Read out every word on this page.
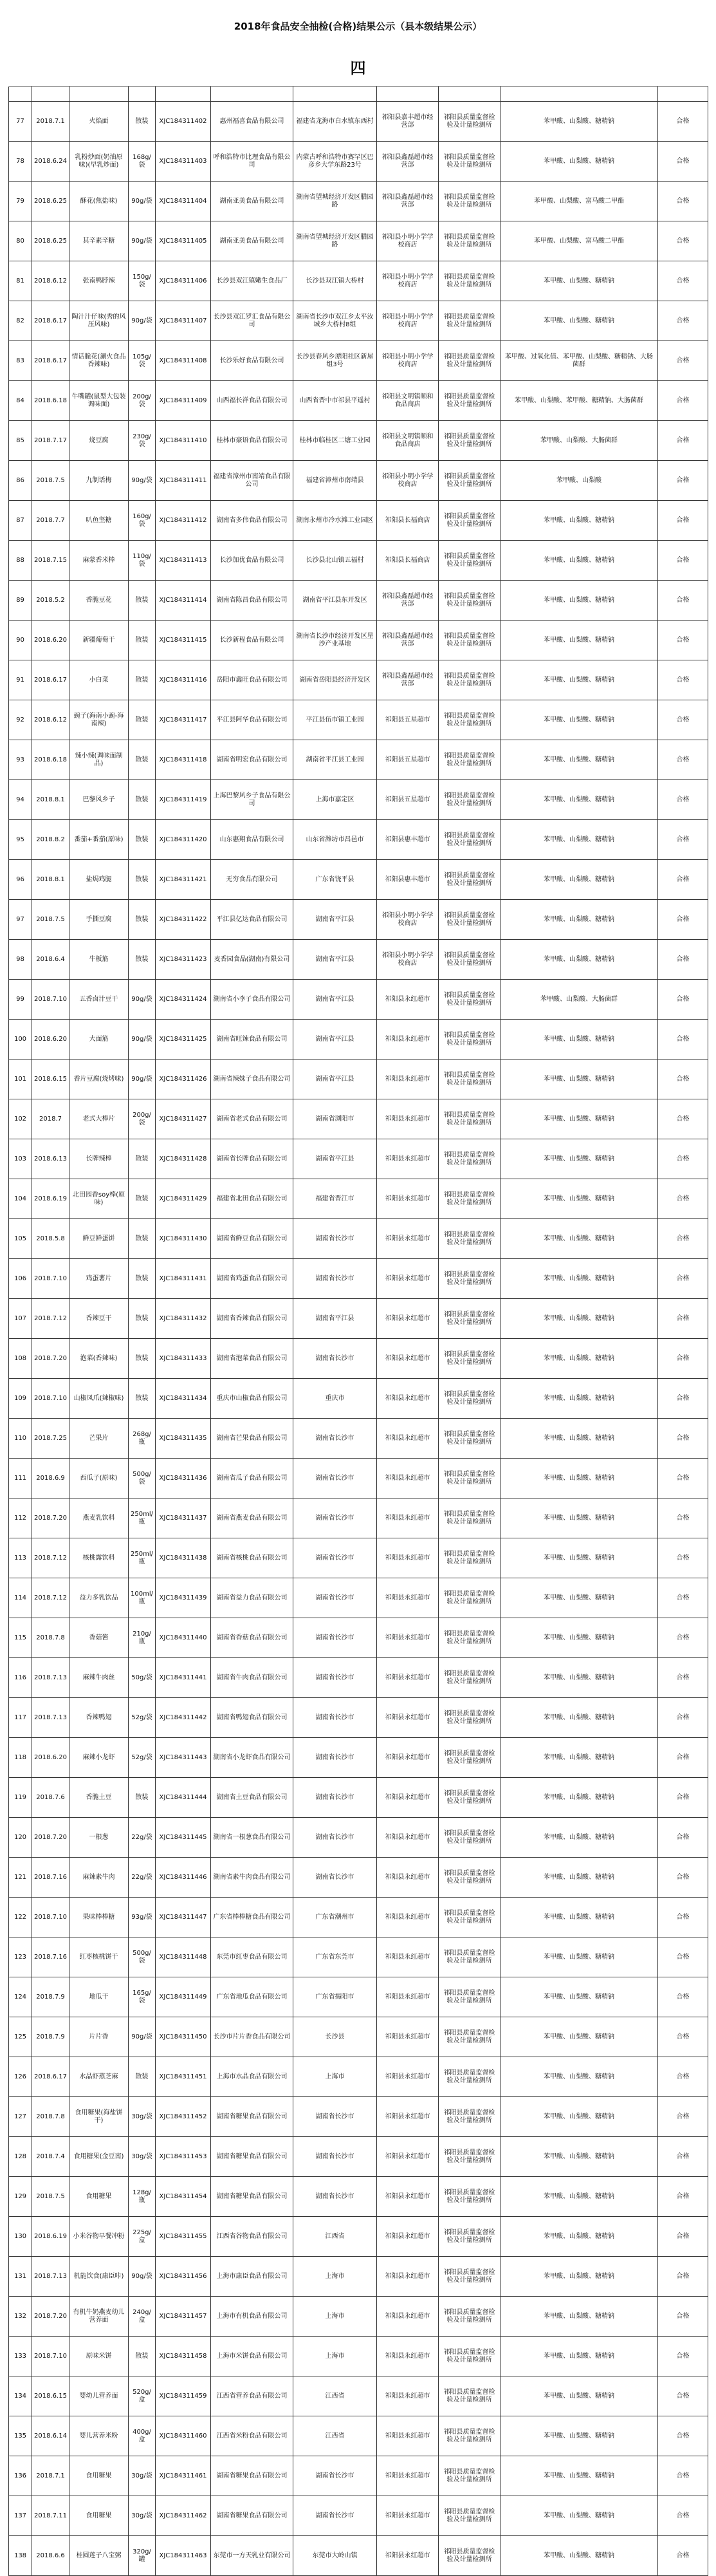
2018年食品安全抽检(合格)结果公示（县本级结果公示）
四

77	2018.7.1	火焰面	散装	XJC184311402	惠州福喜食品有限公司	福建省龙海市白水镇东西村	祁阳县嘉丰超市经营部	祁阳县质量监督检验及计量检测所	苯甲酸、山梨酸、糖精钠	合格
78	2018.6.24	乳粉炒面(奶油原味)(早乳炒面)	168g/袋	XJC184311403	呼和浩特市比理食品有限公司	内蒙古呼和浩特市赛罕区巴彦乡大学东路23号	祁阳县鑫磊超市经营部	祁阳县质量监督检验及计量检测所	苯甲酸、山梨酸、糖精钠	合格
79	2018.6.25	酥花(焦盐味)	90g/袋	XJC184311404	湖南亚美食品有限公司	湖南省望城经济开发区腊园路	祁阳县鑫磊超市经营部	祁阳县质量监督检验及计量检测所	苯甲酸、山梨酸、富马酸二甲酯	合格
80	2018.6.25	其辛素辛糖	90g/袋	XJC184311405	湖南亚美食品有限公司	湖南省望城经济开发区腊园路	祁阳县小明小学学校商店	祁阳县质量监督检验及计量检测所	苯甲酸、山梨酸、富马酸二甲酯	合格
81	2018.6.12	张南鸭脖辣	150g/袋	XJC184311406	长沙县双江镇嫩生食品厂	长沙县双江镇大桥村	祁阳县小明小学学校商店	祁阳县质量监督检验及计量检测所	苯甲酸、山梨酸、糖精钠	合格
82	2018.6.17	陶汁汁仔味(秀的风压风味)	90g/袋	XJC184311407	长沙县双江罗汇食品有限公司	湖南省长沙市双江乡太平汝城乡大桥村8组	祁阳县小明小学学校商店	祁阳县质量监督检验及计量检测所	苯甲酸、山梨酸、糖精钠	合格
83	2018.6.17	情话脆花(涮火食品香辣味)	105g/袋	XJC184311408	长沙乐好食品有限公司	长沙县春风乡潭阳社区新屋组3号	祁阳县小明小学学校商店	祁阳县质量监督检验及计量检测所	苯甲酸、过氧化值、苯甲酸、山梨酸、糖精钠、大肠菌群	合格
84	2018.6.18	牛嘴罐(鼠型大包装调味面)	200g/袋	XJC184311409	山西福长祥食品有限公司	山西省晋中市祁县平遥村	祁阳县文明镇顺和食品商店	祁阳县质量监督检验及计量检测所	苯甲酸、山梨酸、苯甲酸、糖精钠、大肠菌群	合格
85	2018.7.17	烧豆腐	230g/袋	XJC184311410	桂林市豪语食品有限公司	桂林市临桂区二塘工业园	祁阳县文明镇顺和食品商店	祁阳县质量监督检验及计量检测所	苯甲酸、山梨酸、大肠菌群	合格
86	2018.7.5	九制话梅	90g/袋	XJC184311411	福建省漳州市南靖食品有限公司	福建省漳州市南靖县	祁阳县小明小学学校商店	祁阳县质量监督检验及计量检测所	苯甲酸、山梨酸	合格
87	2018.7.7	叭鱼坚糖	160g/袋	XJC184311412	湖南省多伟食品有限公司	湖南永州市冷水滩工业园区	祁阳县长福商店	祁阳县质量监督检验及计量检测所	苯甲酸、山梨酸、糖精钠	合格
88	2018.7.15	麻蒙香米棒	110g/袋	XJC184311413	长沙加优食品有限公司	长沙县北山镇五福村	祁阳县长福商店	祁阳县质量监督检验及计量检测所	苯甲酸、山梨酸、糖精钠	合格
89	2018.5.2	香脆豆花	散装	XJC184311414	湖南省陈昌食品有限公司	湖南省平江县东开发区	祁阳县鑫磊超市经营部	祁阳县质量监督检验及计量检测所	苯甲酸、山梨酸、糖精钠	合格
90	2018.6.20	新疆葡萄干	散装	XJC184311415	长沙新程食品有限公司	湖南省长沙市经济开发区星沙产业基地	祁阳县鑫磊超市经营部	祁阳县质量监督检验及计量检测所	苯甲酸、山梨酸、糖精钠	合格
91	2018.6.17	小白菜	散装	XJC184311416	岳阳市鑫旺食品有限公司	湖南省岳阳县经济开发区	祁阳县鑫磊超市经营部	祁阳县质量监督检验及计量检测所	苯甲酸、山梨酸、糖精钠	合格
92	2018.6.12	豌子(海南小豌-海南辣)	散装	XJC184311417	平江县阿华食品有限公司	平江县伍市镇工业园	祁阳县五星超市	祁阳县质量监督检验及计量检测所	苯甲酸、山梨酸、糖精钠	合格
93	2018.6.18	辣小辣(调味面制品)	散装	XJC184311418	湖南省明宏食品有限公司	湖南省平江县工业园	祁阳县五星超市	祁阳县质量监督检验及计量检测所	苯甲酸、山梨酸、糖精钠	合格
94	2018.8.1	巴黎风乡子	散装	XJC184311419	上海巴黎风乡子食品有限公司	上海市嘉定区	祁阳县五星超市	祁阳县质量监督检验及计量检测所	苯甲酸、山梨酸、糖精钠	合格
95	2018.8.2	番茄+番茄(原味)	散装	XJC184311420	山东惠翔食品有限公司	山东省潍坊市昌邑市	祁阳县惠丰超市	祁阳县质量监督检验及计量检测所	苯甲酸、山梨酸、糖精钠	合格
96	2018.8.1	盐焗鸡腿	散装	XJC184311421	无穷食品有限公司	广东省饶平县	祁阳县惠丰超市	祁阳县质量监督检验及计量检测所	苯甲酸、山梨酸、糖精钠	合格
97	2018.7.5	手撕豆腐	散装	XJC184311422	平江县亿达食品有限公司	湖南省平江县	祁阳县小明小学学校商店	祁阳县质量监督检验及计量检测所	苯甲酸、山梨酸、糖精钠	合格
98	2018.6.4	牛板筋	散装	XJC184311423	麦香园食品(湖南)有限公司	湖南省平江县	祁阳县小明小学学校商店	祁阳县质量监督检验及计量检测所	苯甲酸、山梨酸、糖精钠	合格
99	2018.7.10	五香卤汁豆干	90g/袋	XJC184311424	湖南省小李子食品有限公司	湖南省平江县	祁阳县永红超市	祁阳县质量监督检验及计量检测所	苯甲酸、山梨酸、大肠菌群	合格
100	2018.6.20	大面筋	90g/袋	XJC184311425	湖南省旺辣食品有限公司	湖南省平江县	祁阳县永红超市	祁阳县质量监督检验及计量检测所	苯甲酸、山梨酸、糖精钠	合格
101	2018.6.15	香片豆腐(烧烤味)	90g/袋	XJC184311426	湖南省辣妹子食品有限公司	湖南省平江县	祁阳县永红超市	祁阳县质量监督检验及计量检测所	苯甲酸、山梨酸、糖精钠	合格
102	2018.7	老式大棒片	200g/袋	XJC184311427	湖南省老式食品有限公司	湖南省浏阳市	祁阳县永红超市	祁阳县质量监督检验及计量检测所	苯甲酸、山梨酸、糖精钠	合格
103	2018.6.13	长牌辣棒	散装	XJC184311428	湖南省长牌食品有限公司	湖南省平江县	祁阳县永红超市	祁阳县质量监督检验及计量检测所	苯甲酸、山梨酸、糖精钠	合格
104	2018.6.19	北田园香soy棒(原味)	散装	XJC184311429	福建省北田食品有限公司	福建省晋江市	祁阳县永红超市	祁阳县质量监督检验及计量检测所	苯甲酸、山梨酸、糖精钠	合格
105	2018.5.8	鲜豆鲜蛋饼	散装	XJC184311430	湖南省鲜豆食品有限公司	湖南省长沙市	祁阳县永红超市	祁阳县质量监督检验及计量检测所	苯甲酸、山梨酸、糖精钠	合格
106	2018.7.10	鸡蛋薯片	散装	XJC184311431	湖南省鸡蛋食品有限公司	湖南省长沙市	祁阳县永红超市	祁阳县质量监督检验及计量检测所	苯甲酸、山梨酸、糖精钠	合格
107	2018.7.12	香辣豆干	散装	XJC184311432	湖南省香辣食品有限公司	湖南省平江县	祁阳县永红超市	祁阳县质量监督检验及计量检测所	苯甲酸、山梨酸、糖精钠	合格
108	2018.7.20	泡菜(香辣味)	散装	XJC184311433	湖南省泡菜食品有限公司	湖南省长沙市	祁阳县永红超市	祁阳县质量监督检验及计量检测所	苯甲酸、山梨酸、糖精钠	合格
109	2018.7.10	山椒凤爪(辣椒味)	散装	XJC184311434	重庆市山椒食品有限公司	重庆市	祁阳县永红超市	祁阳县质量监督检验及计量检测所	苯甲酸、山梨酸、糖精钠	合格
110	2018.7.25	芒果片	268g/瓶	XJC184311435	湖南省芒果食品有限公司	湖南省长沙市	祁阳县永红超市	祁阳县质量监督检验及计量检测所	苯甲酸、山梨酸、糖精钠	合格
111	2018.6.9	西瓜子(原味)	500g/袋	XJC184311436	湖南省瓜子食品有限公司	湖南省长沙市	祁阳县永红超市	祁阳县质量监督检验及计量检测所	苯甲酸、山梨酸、糖精钠	合格
112	2018.7.20	燕麦乳饮料	250ml/瓶	XJC184311437	湖南省燕麦食品有限公司	湖南省长沙市	祁阳县永红超市	祁阳县质量监督检验及计量检测所	苯甲酸、山梨酸、糖精钠	合格
113	2018.7.12	核桃露饮料	250ml/瓶	XJC184311438	湖南省核桃食品有限公司	湖南省长沙市	祁阳县永红超市	祁阳县质量监督检验及计量检测所	苯甲酸、山梨酸、糖精钠	合格
114	2018.7.12	益力多乳饮品	100ml/瓶	XJC184311439	湖南省益力食品有限公司	湖南省长沙市	祁阳县永红超市	祁阳县质量监督检验及计量检测所	苯甲酸、山梨酸、糖精钠	合格
115	2018.7.8	香菇酱	210g/瓶	XJC184311440	湖南省香菇食品有限公司	湖南省长沙市	祁阳县永红超市	祁阳县质量监督检验及计量检测所	苯甲酸、山梨酸、糖精钠	合格
116	2018.7.13	麻辣牛肉丝	50g/袋	XJC184311441	湖南省牛肉食品有限公司	湖南省长沙市	祁阳县永红超市	祁阳县质量监督检验及计量检测所	苯甲酸、山梨酸、糖精钠	合格
117	2018.7.13	香辣鸭翅	52g/袋	XJC184311442	湖南省鸭翅食品有限公司	湖南省长沙市	祁阳县永红超市	祁阳县质量监督检验及计量检测所	苯甲酸、山梨酸、糖精钠	合格
118	2018.6.20	麻辣小龙虾	52g/袋	XJC184311443	湖南省小龙虾食品有限公司	湖南省长沙市	祁阳县永红超市	祁阳县质量监督检验及计量检测所	苯甲酸、山梨酸、糖精钠	合格
119	2018.7.6	香脆土豆	散装	XJC184311444	湖南省土豆食品有限公司	湖南省长沙市	祁阳县永红超市	祁阳县质量监督检验及计量检测所	苯甲酸、山梨酸、糖精钠	合格
120	2018.7.20	一根葱	22g/袋	XJC184311445	湖南省一根葱食品有限公司	湖南省长沙市	祁阳县永红超市	祁阳县质量监督检验及计量检测所	苯甲酸、山梨酸、糖精钠	合格
121	2018.7.16	麻辣素牛肉	22g/袋	XJC184311446	湖南省素牛肉食品有限公司	湖南省长沙市	祁阳县永红超市	祁阳县质量监督检验及计量检测所	苯甲酸、山梨酸、糖精钠	合格
122	2018.7.10	果味棒棒糖	93g/袋	XJC184311447	广东省棒棒糖食品有限公司	广东省潮州市	祁阳县永红超市	祁阳县质量监督检验及计量检测所	苯甲酸、山梨酸、糖精钠	合格
123	2018.7.16	红枣核桃饼干	500g/袋	XJC184311448	东莞市红枣食品有限公司	广东省东莞市	祁阳县永红超市	祁阳县质量监督检验及计量检测所	苯甲酸、山梨酸、糖精钠	合格
124	2018.7.9	地瓜干	165g/袋	XJC184311449	广东省地瓜食品有限公司	广东省揭阳市	祁阳县永红超市	祁阳县质量监督检验及计量检测所	苯甲酸、山梨酸、糖精钠	合格
125	2018.7.9	片片香	90g/袋	XJC184311450	长沙市片片香食品有限公司	长沙县	祁阳县永红超市	祁阳县质量监督检验及计量检测所	苯甲酸、山梨酸、糖精钠	合格
126	2018.6.17	水晶虾蒸芝麻	散装	XJC184311451	上海市水晶食品有限公司	上海市	祁阳县永红超市	祁阳县质量监督检验及计量检测所	苯甲酸、山梨酸、糖精钠	合格
127	2018.7.8	食用糖果(海盐饼干)	30g/袋	XJC184311452	湖南省糖果食品有限公司	湖南省长沙市	祁阳县永红超市	祁阳县质量监督检验及计量检测所	苯甲酸、山梨酸、糖精钠	合格
128	2018.7.4	食用糖果(金豆南)	30g/袋	XJC184311453	湖南省糖果食品有限公司	湖南省长沙市	祁阳县永红超市	祁阳县质量监督检验及计量检测所	苯甲酸、山梨酸、糖精钠	合格
129	2018.7.5	食用糖果	128g/瓶	XJC184311454	湖南省糖果食品有限公司	湖南省长沙市	祁阳县永红超市	祁阳县质量监督检验及计量检测所	苯甲酸、山梨酸、糖精钠	合格
130	2018.6.19	小米谷物早餐冲粉	225g/盒	XJC184311455	江西省谷物食品有限公司	江西省	祁阳县永红超市	祁阳县质量监督检验及计量检测所	苯甲酸、山梨酸、糖精钠	合格
131	2018.7.13	机能饮食(康臣咔)	90g/袋	XJC184311456	上海市康臣食品有限公司	上海市	祁阳县永红超市	祁阳县质量监督检验及计量检测所	苯甲酸、山梨酸、糖精钠	合格
132	2018.7.20	有机牛奶燕麦幼儿营养面	240g/盒	XJC184311457	上海市有机食品有限公司	上海市	祁阳县永红超市	祁阳县质量监督检验及计量检测所	苯甲酸、山梨酸、糖精钠	合格
133	2018.7.10	原味米饼	散装	XJC184311458	上海市米饼食品有限公司	上海市	祁阳县永红超市	祁阳县质量监督检验及计量检测所	苯甲酸、山梨酸、糖精钠	合格
134	2018.6.15	婴幼儿营养面	520g/盒	XJC184311459	江西省营养食品有限公司	江西省	祁阳县永红超市	祁阳县质量监督检验及计量检测所	苯甲酸、山梨酸、糖精钠	合格
135	2018.6.14	婴儿营养米粉	400g/盒	XJC184311460	江西省米粉食品有限公司	江西省	祁阳县永红超市	祁阳县质量监督检验及计量检测所	苯甲酸、山梨酸、糖精钠	合格
136	2018.7.1	食用糖果	30g/袋	XJC184311461	湖南省糖果食品有限公司	湖南省长沙市	祁阳县永红超市	祁阳县质量监督检验及计量检测所	苯甲酸、山梨酸、糖精钠	合格
137	2018.7.11	食用糖果	30g/袋	XJC184311462	湖南省糖果食品有限公司	湖南省长沙市	祁阳县永红超市	祁阳县质量监督检验及计量检测所	苯甲酸、山梨酸、糖精钠	合格
138	2018.6.6	桂圆莲子八宝粥	320g/罐	XJC184311463	东莞市一方天乳业有限公司	东莞市大岭山镇	祁阳县永红超市	祁阳县质量监督检验及计量检测所	苯甲酸、山梨酸、糖精钠	合格
